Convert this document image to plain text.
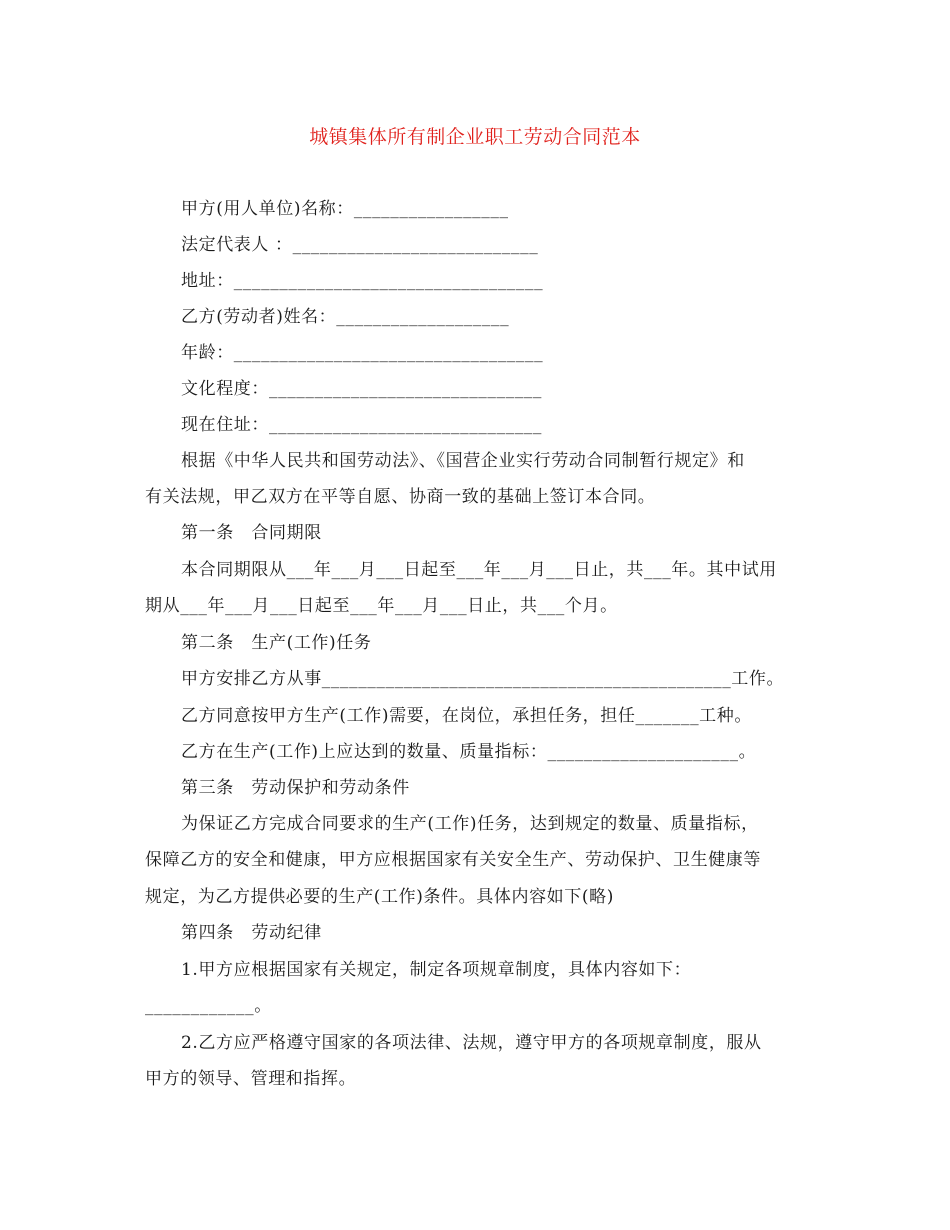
城镇集体所有制企业职工劳动合同范本
甲方(用人单位)名称：_________________
法定代表人 ：___________________________
地址：__________________________________
乙方(劳动者)姓名：___________________
年龄：__________________________________
文化程度：______________________________
现在住址：______________________________
根据《中华人民共和国劳动法》、《国营企业实行劳动合同制暂行规定》和
有关法规，甲乙双方在平等自愿、协商一致的基础上签订本合同。
第一条　合同期限
本合同期限从___年___月___日起至___年___月___日止，共___年。其中试用
期从___年___月___日起至___年___月___日止，共___个月。
第二条　生产(工作)任务
甲方安排乙方从事_____________________________________________工作。
乙方同意按甲方生产(工作)需要，在岗位，承担任务，担任_______工种。
乙方在生产(工作)上应达到的数量、质量指标：_____________________。
第三条　劳动保护和劳动条件
为保证乙方完成合同要求的生产(工作)任务，达到规定的数量、质量指标，
保障乙方的安全和健康，甲方应根据国家有关安全生产、劳动保护、卫生健康等
规定，为乙方提供必要的生产(工作)条件。具体内容如下(略)
第四条　劳动纪律
1.甲方应根据国家有关规定，制定各项规章制度，具体内容如下：
____________。
2.乙方应严格遵守国家的各项法律、法规，遵守甲方的各项规章制度，服从
甲方的领导、管理和指挥。
